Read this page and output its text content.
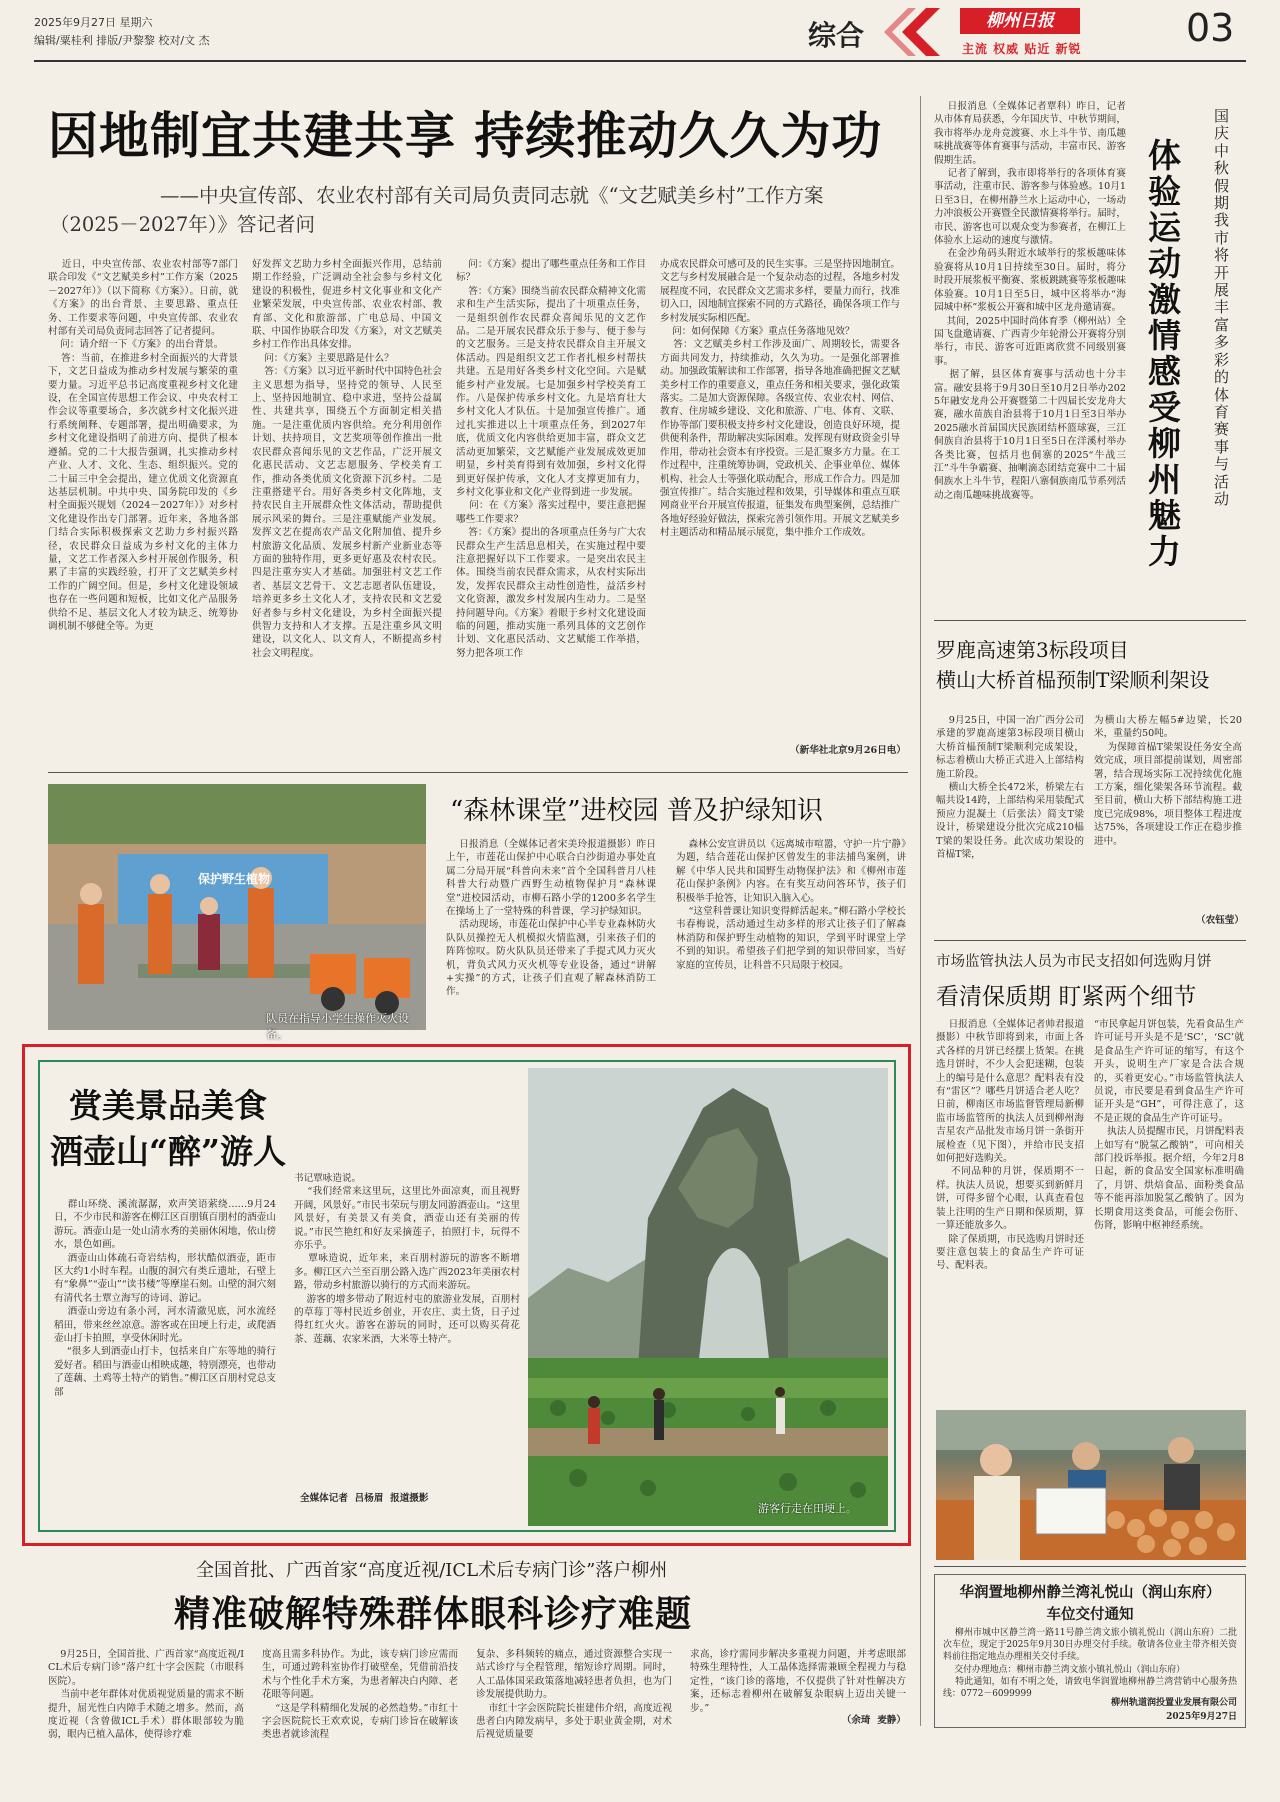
2025年9月27日 星期六
编辑/粟桂利 排版/尹黎黎 校对/文 杰	综合	柳州日报
主流 权威 贴近 新锐	03
因地制宜共建共享 持续推动久久为功
——中央宣传部、农业农村部有关司局负责同志就《“文艺赋美乡村”工作方案
（2025－2027年）》答记者问
近日，中央宣传部、农业农村部等7部门联合印发《“文艺赋美乡村”工作方案（2025－2027年）》（以下简称《方案》）。日前，就《方案》的出台背景、主要思路、重点任务、工作要求等问题，中央宣传部、农业农村部有关司局负责同志回答了记者提问。
问：请介绍一下《方案》的出台背景。
答：当前，在推进乡村全面振兴的大背景下，文艺日益成为推动乡村发展与繁荣的重要力量。习近平总书记高度重视乡村文化建设，在全国宣传思想工作会议、中央农村工作会议等重要场合，多次就乡村文化振兴进行系统阐释、专题部署，提出明确要求，为乡村文化建设指明了前进方向、提供了根本遵循。党的二十大报告强调，扎实推动乡村产业、人才、文化、生态、组织振兴。党的二十届三中全会提出，建立优质文化资源直达基层机制。中共中央、国务院印发的《乡村全面振兴规划（2024－2027年）》对乡村文化建设作出专门部署。近年来，各地各部门结合实际积极探索文艺助力乡村振兴路径，农民群众日益成为乡村文化的主体力量，文艺工作者深入乡村开展创作服务，积累了丰富的实践经验，打开了文艺赋美乡村工作的广阔空间。但是，乡村文化建设领域也存在一些问题和短板，比如文化产品服务供给不足、基层文化人才较为缺乏、统筹协调机制不够健全等。为更
好发挥文艺助力乡村全面振兴作用，总结前期工作经验，广泛调动全社会参与乡村文化建设的积极性，促进乡村文化事业和文化产业繁荣发展，中央宣传部、农业农村部、教育部、文化和旅游部、广电总局、中国文联、中国作协联合印发《方案》，对文艺赋美乡村工作作出具体安排。
问：《方案》主要思路是什么？
答：《方案》以习近平新时代中国特色社会主义思想为指导，坚持党的领导、人民至上、坚持因地制宜、稳中求进，坚持公益属性、共建共享，围绕五个方面制定相关措施。一是注重优质内容供给。充分利用创作计划、扶持项目，文艺奖项等创作推出一批农民群众喜闻乐见的文艺作品，广泛开展文化惠民活动、文艺志愿服务、学校美育工作，推动各类优质文化资源下沉乡村。二是注重搭建平台。用好各类乡村文化阵地，支持农民自主开展群众性文体活动，帮助提供展示风采的舞台。三是注重赋能产业发展。发挥文艺在提高农产品文化附加值、提升乡村旅游文化品质、发展乡村新产业新业态等方面的独特作用，更多更好惠及农村农民。四是注重夯实人才基础。加强驻村文艺工作者、基层文艺骨干、文艺志愿者队伍建设，培养更多乡土文化人才，支持农民和文艺爱好者参与乡村文化建设，为乡村全面振兴提供智力支持和人才支撑。五是注重乡风文明建设，以文化人、以文育人，不断提高乡村社会文明程度。
问：《方案》提出了哪些重点任务和工作目标？
答：《方案》围绕当前农民群众精神文化需求和生产生活实际，提出了十项重点任务，一是组织创作农民群众喜闻乐见的文艺作品。二是开展农民群众乐于参与、便于参与的文艺服务。三是支持农民群众自主开展文体活动。四是组织文艺工作者扎根乡村帮扶共建。五是用好各类乡村文化空间。六是赋能乡村产业发展。七是加强乡村学校美育工作。八是保护传承乡村文化。九是培育壮大乡村文化人才队伍。十是加强宣传推广。通过扎实推进以上十项重点任务，到2027年底，优质文化内容供给更加丰富，群众文艺活动更加繁荣，文艺赋能产业发展成效更加明显，乡村美育得到有效加强，乡村文化得到更好保护传承，文化人才支撑更加有力，乡村文化事业和文化产业得到进一步发展。
问：在《方案》落实过程中，要注意把握哪些工作要求？
答：《方案》提出的各项重点任务与广大农民群众生产生活息息相关，在实施过程中要注意把握好以下工作要求。一是突出农民主体。围绕当前农民群众需求，从农村实际出发，发挥农民群众主动性创造性，益活乡村文化资源，激发乡村发展内生动力。二是坚持问题导向。《方案》着眼于乡村文化建设面临的问题，推动实施一系列具体的文艺创作计划、文化惠民活动、文艺赋能工作举措，努力把各项工作
办成农民群众可感可及的民生实事。三是坚持因地制宜。文艺与乡村发展融合是一个复杂动态的过程，各地乡村发展程度不同，农民群众文艺需求多样，要量力而行，找准切入口，因地制宜探索不同的方式路径，确保各项工作与乡村发展实际相匹配。
问：如何保障《方案》重点任务落地见效？
答：文艺赋美乡村工作涉及面广、周期较长，需要各方面共同发力，持续推动，久久为功。一是强化部署推动。加强政策解读和工作部署，指导各地准确把握文艺赋美乡村工作的重要意义，重点任务和相关要求，强化政策落实。二是加大资源保障。各级宣传、农业农村、网信、教育、住房城乡建设、文化和旅游、广电、体育、文联、作协等部门要积极支持乡村文化建设，创造良好环境，提供便利条件，帮助解决实际困难。发挥现有财政资金引导作用，带动社会资本有序投资。三是汇聚多方力量。在工作过程中，注重统筹协调，党政机关、企事业单位、媒体机构、社会人士等强化联动配合，形成工作合力。四是加强宣传推广。结合实施过程和效果，引导媒体和重点互联网商业平台开展宣传报道，征集发布典型案例，总结推广各地好经验好做法，探索完善引领作用。开展文艺赋美乡村主题活动和精品展示展览，集中推介工作成效。
（新华社北京9月26日电）
日报消息（全媒体记者覃科）昨日，记者从市体育局获悉，今年国庆节、中秋节期间，我市将举办龙舟竞渡赛、水上斗牛节、南瓜趣味挑战赛等体育赛事与活动，丰富市民、游客假期生活。
记者了解到，我市即将举行的各项体育赛事活动，注重市民、游客参与体验感。10月1日至3日，在柳州静兰水上运动中心，一场动力冲浪板公开赛暨全民激情赛将举行。届时，市民、游客也可以观众变为参赛者，在柳江上体验水上运动的速度与激情。
在金沙角码头附近水域举行的浆板趣味体验赛将从10月1日持续至30日。届时，将分时段开展浆板平衡赛、浆板跳跳赛等浆板趣味体验赛。10月1日至5日，城中区将举办“海园城中杯”浆板公开赛和城中区龙舟邀请赛。
其间，2025中国时尚体育季（柳州站）全国飞盘邀请赛、广西青少年轮滑公开赛将分别举行，市民、游客可近距离欣赏不同级别赛事。
据了解，县区体育赛事与活动也十分丰富。融安县将于9月30日至10月2日举办2025年融安龙舟公开赛暨第二十四届长安龙舟大赛，融水苗族自治县将于10月1日至3日举办2025融水首届国庆民族团结杯篮球赛，三江侗族自治县将于10月1日至5日在洋溪村举办各类比赛，包括月也侗寨的2025“牛战三江”斗牛争霸赛、抽喇滴态团结竞赛中二十届侗族水上斗牛节，程阳八寨侗族南瓜节系列活动之南瓜趣味挑战赛等。
国庆中秋假期我市将开展丰富多彩的体育赛事与活动
体验运动激情 感受柳州魅力
罗鹿高速第3标段项目
横山大桥首榀预制T梁顺利架设
9月25日，中国一冶广西分公司承建的罗鹿高速第3标段项目横山大桥首榀预制T梁顺利完成架设，标志着横山大桥正式进入上部结构施工阶段。
横山大桥全长472米，桥梁左右幅共设14跨，上部结构采用装配式预应力混凝土（后张法）简支T梁设计，桥梁建设分批次完成210榀T梁的架设任务。此次成功架设的首榀T梁，
为横山大桥左幅5#边梁，长20米，重量约50吨。
为保障首榀T梁架设任务安全高效完成，项目部提前谋划，周密部署，结合现场实际工况持续优化施工方案，细化梁架各环节流程。截至目前，横山大桥下部结构施工进度已完成98%，项目整体工程进度达75%，各项建设工作正在稳步推进中。
（农钰莹）
市场监管执法人员为市民支招如何选购月饼
看清保质期 盯紧两个细节
日报消息（全媒体记者帅君报道摄影）中秋节即将到来，市面上各式各样的月饼已经摆上货架。在挑选月饼时，不少人会犯迷糊，包装上的编号是什么意思？配料表有没有“雷区”？哪些月饼适合老人吃？日前，柳南区市场监督管理局新柳监市场监管所的执法人员到柳州海吉星农产品批发市场月饼一条街开展检查（见下图），并给市民支招如何把好选购关。
不同品种的月饼，保质期不一样。执法人员说，想要买到新鲜月饼，可得多留个心眼，认真查看包装上注明的生产日期和保质期，算一算还能放多久。
除了保质期，市民选购月饼时还要注意包装上的食品生产许可证号、配料表。
“市民拿起月饼包装，先看食品生产许可证号开头是不是‘SC’，‘SC’就是食品生产许可证的缩写，有这个开头，说明生产厂家是合法合规的，买着更安心。”市场监管执法人员说，市民要是看到食品生产许可证开头是“GH”，可得注意了，这不是正规的食品生产许可证号。
执法人员提醒市民，月饼配料表上如写有“脱氢乙酸钠”，可向相关部门投诉举报。据介绍，今年2月8日起，新的食品安全国家标准明确了，月饼、烘焙食品、面粉类食品等不能再添加脱氢乙酸钠了。因为长期食用这类食品，可能会伤肝、伤肾，影响中枢神经系统。
华润置地柳州静兰湾礼悦山（润山东府）
车位交付通知
柳州市城中区静兰湾一路11号静兰湾文旅小镇礼悦山（润山东府）二批次车位，现定于2025年9月30日办理交付手续。敬请各位业主带齐相关资料前往指定地点办理相关交付手续。
交付办理地点：柳州市静兰湾文旅小镇礼悦山（润山东府）
特此通知，如有不明之处，请致电华润置地柳州静兰湾营销中心服务热线：0772－6099999
柳州轨道润投置业发展有限公司
2025年9月27日
保护野生植物
队员在指导小学生操作灭火设备。
“森林课堂”进校园 普及护绿知识
日报消息（全媒体记者宋美玲报道摄影）昨日上午，市莲花山保护中心联合白沙街道办事处直属二分局开展“科普向未来”首个全国科普月八桂科普大行动暨广西野生动植物保护月“森林课堂”进校园活动，市柳石路小学的1200多名学生在操场上了一堂特殊的科普课，学习护绿知识。
活动现场，市莲花山保护中心半专业森林防火队队员操控无人机模拟火情监测，引来孩子们的阵阵惊叹。防火队队员还带来了手提式风力灭火机，背负式风力灭火机等专业设备，通过“讲解+实操”的方式，让孩子们直观了解森林消防工作。
森林公安宣讲员以《远离城市喧嚣，守护一片宁静》为题，结合莲花山保护区曾发生的非法捕鸟案例，讲解《中华人民共和国野生动物保护法》和《柳州市莲花山保护条例》内容。在有奖互动问答环节，孩子们积极举手抢答，让知识入脑入心。
“这堂科普课让知识变得鲜活起来。”柳石路小学校长韦春梅说，活动通过生动多样的形式让孩子们了解森林消防和保护野生动植物的知识，学到平时课堂上学不到的知识。希望孩子们把学到的知识带回家，当好家庭的宣传员，让科普不只局限于校园。
赏美景品美食
酒壶山“醉”游人
群山环绕、溪流潺潺，欢声笑语萦绕……9月24日，不少市民和游客在柳江区百朋镇百朋村的酒壶山游玩。酒壶山是一处山清水秀的美丽休闲地，依山傍水，景色如画。
酒壶山山体疏石奇岩结构，形状酷似酒壶，距市区大约1小时车程。山腹的洞穴有类丘遗址，石壁上有“象鼻”“壶山”“读书楼”等摩崖石刻。山壁的洞穴刻有清代名士覃立海写的诗词、游记。
酒壶山旁边有条小河，河水清澈见底，河水流经稻田，带来丝丝凉意。游客或在田埂上行走，或爬酒壶山打卡拍照，享受休闲时光。
“很多人到酒壶山打卡，包括来自广东等地的骑行爱好者。稻田与酒壶山相映成趣，特别漂亮，也带动了莲藕、土鸡等土特产的销售。”柳江区百朋村党总支部
书记覃咏造说。
“我们经常来这里玩，这里比外面凉爽，而且视野开阔，风景好。”市民韦荣玩与朋友同游酒壶山。“这里风景好，有美景又有美食，酒壶山还有美丽的传说。”市民竺艳红和好友采摘莲子，拍照打卡，玩得不亦乐乎。
覃咏造说，近年来，来百朋村游玩的游客不断增多。柳江区六兰至百朋公路入选广西2023年美丽农村路，带动乡村旅游以骑行的方式而来游玩。
游客的增多带动了附近村屯的旅游业发展，百朋村的草莓丁等村民近乡创业，开农庄、卖土货，日子过得红红火火。游客在游玩的同时，还可以购买荷花茶、莲藕、农家米酒，大米等土特产。
全媒体记者  吕杨眉  报道摄影
游客行走在田埂上。
全国首批、广西首家“高度近视/ICL术后专病门诊”落户柳州
精准破解特殊群体眼科诊疗难题
9月25日，全国首批、广西首家“高度近视/ICL术后专病门诊”落户红十字会医院（市眼科医院）。
当前中老年群体对优质视觉质量的需求不断提升，屈光性白内障手术随之增多。然而，高度近视（含曾做ICL手术）群体眼部较为脆弱，眼内已植入晶体，使得诊疗难
度高且需多科协作。为此，该专病门诊应需而生，可通过跨科室协作打破壁垒，凭借前沿技术与个性化手术方案，为患者解决白内障、老花眼等问题。
“这是学科精细化发展的必然趋势。”市红十字会医院院长王欢欢说，专病门诊旨在破解该类患者就诊流程
复杂、多科频转的痛点，通过资源整合实现一站式诊疗与全程管理，缩短诊疗周期。同时，人工晶体国采政策落地减轻患者负担，也为门诊发展提供助力。
市红十字会医院院长崔建伟介绍，高度近视患者白内障发病早，多处于职业黄金期，对术后视觉质量要
求高，诊疗需同步解决多重视力问题，并考虑眼部特殊生理特性，人工晶体选择需兼顾全程视力与稳定性，“该门诊的落地，不仅提供了针对性解决方案，还标志着柳州在破解复杂眼病上迈出关键一步。”
（余琦  麦静）
